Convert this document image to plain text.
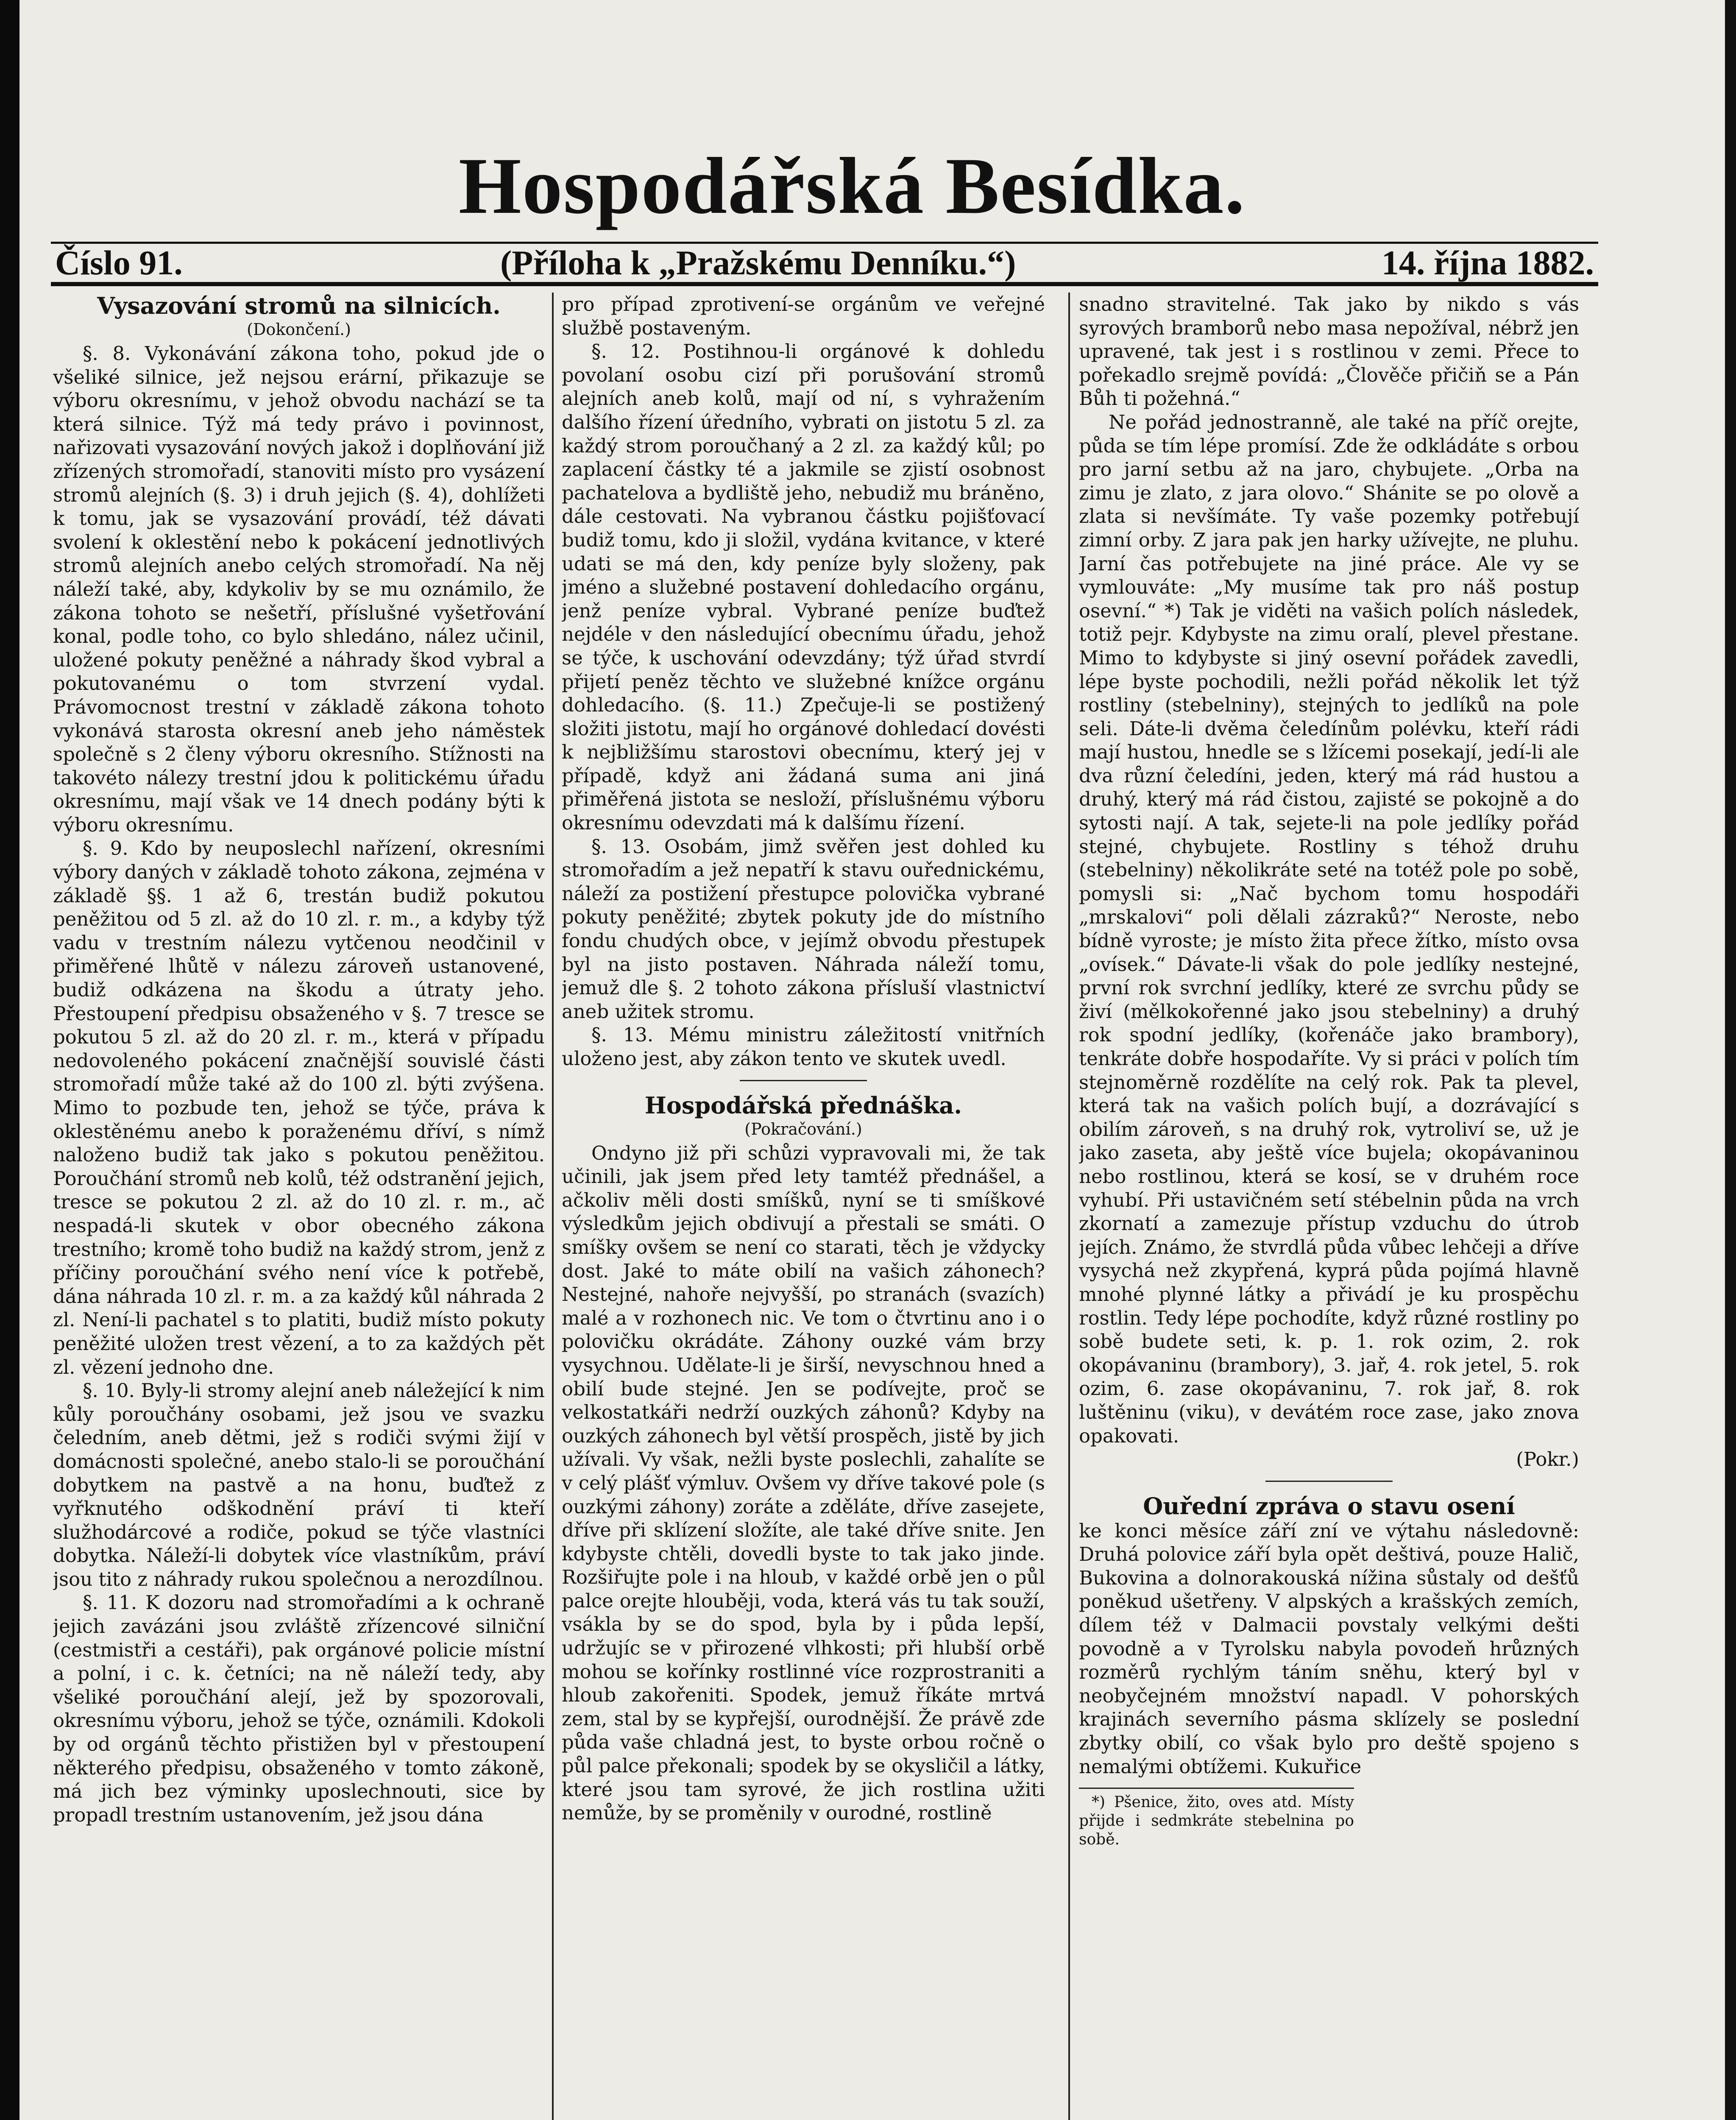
Hospodářská Besídka.
Číslo 91.	(Příloha k „Pražskému Denníku.“)	14. října 1882.
Vysazování stromů na silnicích.
(Dokončení.)

§. 8. Vykonávání zákona toho, pokud jde o všeliké silnice, jež nejsou erární, přikazuje se výboru okresnímu, v jehož obvodu nachází se ta která silnice. Týž má tedy právo i povinnost, nařizovati vysazování nových jakož i doplňování již zřízených stromořadí, stanoviti místo pro vysázení stromů alejních (§. 3) i druh jejich (§. 4), dohlížeti k tomu, jak se vysazování provádí, též dávati svolení k oklestění nebo k pokácení jednotlivých stromů alejních anebo celých stromořadí. Na něj náleží také, aby, kdykoliv by se mu oznámilo, že zákona tohoto se nešetří, příslušné vyšetřování konal, podle toho, co bylo shledáno, nález učinil, uložené pokuty peněžné a náhrady škod vybral a pokutovanému o tom stvrzení vydal. Právomocnost trestní v základě zákona tohoto vykonává starosta okresní aneb jeho náměstek společně s 2 členy výboru okresního. Stížnosti na takovéto nálezy trestní jdou k politickému úřadu okresnímu, mají však ve 14 dnech podány býti k výboru okresnímu.

§. 9. Kdo by neuposlechl nařízení, okresními výbory daných v základě tohoto zákona, zejména v základě §§. 1 až 6, trestán budiž pokutou peněžitou od 5 zl. až do 10 zl. r. m., a kdyby týž vadu v trestním nálezu vytčenou neodčinil v přiměřené lhůtě v nálezu zároveň ustanovené, budiž odkázena na škodu a útraty jeho. Přestoupení předpisu obsaženého v §. 7 tresce se pokutou 5 zl. až do 20 zl. r. m., která v případu nedovoleného pokácení značnější souvislé části stromořadí může také až do 100 zl. býti zvýšena. Mimo to pozbude ten, jehož se týče, práva k oklestěnému anebo k poraženému dříví, s nímž naloženo budiž tak jako s pokutou peněžitou. Poroučhání stromů neb kolů, též odstranění jejich, tresce se pokutou 2 zl. až do 10 zl. r. m., ač nespadá-li skutek v obor obecného zákona trestního; kromě toho budiž na každý strom, jenž z příčiny poroučhání svého není více k potřebě, dána náhrada 10 zl. r. m. a za každý kůl náhrada 2 zl. Není-li pachatel s to platiti, budiž místo pokuty peněžité uložen trest vězení, a to za každých pět zl. vězení jednoho dne.

§. 10. Byly-li stromy alejní aneb náležející k nim kůly poroučhány osobami, jež jsou ve svazku čeledním, aneb dětmi, jež s rodiči svými žijí v domácnosti společné, anebo stalo-li se poroučhání dobytkem na pastvě a na honu, buďtež z vyřknutého odškodnění práví ti kteří služhodárcové a rodiče, pokud se týče vlastníci dobytka. Náleží-li dobytek více vlastníkům, práví jsou tito z náhrady rukou společnou a nerozdílnou.

§. 11. K dozoru nad stromořadími a k ochraně jejich zavázáni jsou zvláště zřízencové silniční (cestmistři a cestáři), pak orgánové policie místní a polní, i c. k. četníci; na ně náleží tedy, aby všeliké poroučhání alejí, jež by spozorovali, okresnímu výboru, jehož se týče, oznámili. Kdokoli by od orgánů těchto přistižen byl v přestoupení některého předpisu, obsaženého v tomto zákoně, má jich bez výminky uposlechnouti, sice by propadl trestním ustanovením, jež jsou dána

pro případ zprotivení-se orgánům ve veřejné službě postaveným.

§. 12. Postihnou-li orgánové k dohledu povolaní osobu cizí při porušování stromů alejních aneb kolů, mají od ní, s vyhražením dalšího řízení úředního, vybrati on jistotu 5 zl. za každý strom poroučhaný a 2 zl. za každý kůl; po zaplacení částky té a jakmile se zjistí osobnost pachatelova a bydliště jeho, nebudiž mu bráněno, dále cestovati. Na vybranou částku pojišťovací budiž tomu, kdo ji složil, vydána kvitance, v které udati se má den, kdy peníze byly složeny, pak jméno a služebné postavení dohledacího orgánu, jenž peníze vybral. Vybrané peníze buďtež nejdéle v den následující obecnímu úřadu, jehož se týče, k uschování odevzdány; týž úřad stvrdí přijetí peněz těchto ve služebné knížce orgánu dohledacího. (§. 11.) Zpečuje-li se postižený složiti jistotu, mají ho orgánové dohledací dovésti k nejbližšímu starostovi obecnímu, který jej v případě, když ani žádaná suma ani jiná přiměřená jistota se nesloží, příslušnému výboru okresnímu odevzdati má k dalšímu řízení.

§. 13. Osobám, jimž svěřen jest dohled ku stromořadím a jež nepatří k stavu ouřednickému, náleží za postižení přestupce polovička vybrané pokuty peněžité; zbytek pokuty jde do místního fondu chudých obce, v jejímž obvodu přestupek byl na jisto postaven. Náhrada náleží tomu, jemuž dle §. 2 tohoto zákona přísluší vlastnictví aneb užitek stromu.

§. 13. Mému ministru záležitostí vnitřních uloženo jest, aby zákon tento ve skutek uvedl.

Hospodářská přednáška.
(Pokračování.)

Ondyno již při schůzi vypravovali mi, že tak učinili, jak jsem před lety tamtéž přednášel, a ačkoliv měli dosti smíšků, nyní se ti smíškové výsledkům jejich obdivují a přestali se smáti. O smíšky ovšem se není co starati, těch je vždycky dost. Jaké to máte obilí na vašich záhonech? Nestejné, nahoře nejvyšší, po stranách (svazích) malé a v rozhonech nic. Ve tom o čtvrtinu ano i o polovičku okrádáte. Záhony ouzké vám brzy vysychnou. Udělate-li je širší, nevyschnou hned a obilí bude stejné. Jen se podívejte, proč se velkostatkáři nedrží ouzkých záhonů? Kdyby na ouzkých záhonech byl větší prospěch, jistě by jich užívali. Vy však, nežli byste poslechli, zahalíte se v celý plášť výmluv. Ovšem vy dříve takové pole (s ouzkými záhony) zoráte a zděláte, dříve zasejete, dříve při sklízení složíte, ale také dříve snite. Jen kdybyste chtěli, dovedli byste to tak jako jinde. Rozšiřujte pole i na hloub, v každé orbě jen o půl palce orejte hlouběji, voda, která vás tu tak souží, vsákla by se do spod, byla by i půda lepší, udržujíc se v přirozené vlhkosti; při hlubší orbě mohou se kořínky rostlinné více rozprostraniti a hloub zakořeniti. Spodek, jemuž říkáte mrtvá zem, stal by se kypřejší, ourodnější. Že právě zde půda vaše chladná jest, to byste orbou ročně o půl palce překonali; spodek by se okysličil a látky, které jsou tam syrové, že jich rostlina užiti nemůže, by se proměnily v ourodné, rostlině

snadno stravitelné. Tak jako by nikdo s vás syrových bramborů nebo masa nepožíval, nébrž jen upravené, tak jest i s rostlinou v zemi. Přece to pořekadlo srejmě povídá: „Člověče přičiň se a Pán Bůh ti požehná.“

Ne pořád jednostranně, ale také na příč orejte, půda se tím lépe promísí. Zde že odkládáte s orbou pro jarní setbu až na jaro, chybujete. „Orba na zimu je zlato, z jara olovo.“ Shánite se po olově a zlata si nevšímáte. Ty vaše pozemky potřebují zimní orby. Z jara pak jen harky užívejte, ne pluhu. Jarní čas potřebujete na jiné práce. Ale vy se vymlouváte: „My musíme tak pro náš postup osevní.“ *) Tak je viděti na vašich polích následek, totiž pejr. Kdybyste na zimu oralí, plevel přestane. Mimo to kdybyste si jiný osevní pořádek zavedli, lépe byste pochodili, nežli pořád několik let týž rostliny (stebelniny), stejných to jedlíků na pole seli. Dáte-li dvěma čeledínům polévku, kteří rádi mají hustou, hnedle se s lžícemi posekají, jedí-li ale dva různí čeledíni, jeden, který má rád hustou a druhý, který má rád čistou, zajisté se pokojně a do sytosti nají. A tak, sejete-li na pole jedlíky pořád stejné, chybujete. Rostliny s téhož druhu (stebelniny) několikráte seté na totéž pole po sobě, pomysli si: „Nač bychom tomu hospodáři „mrskalovi“ poli dělali zázraků?“ Neroste, nebo bídně vyroste; je místo žita přece žítko, místo ovsa „ovísek.“ Dávate-li však do pole jedlíky nestejné, první rok svrchní jedlíky, které ze svrchu půdy se živí (mělkokořenné jako jsou stebelniny) a druhý rok spodní jedlíky, (kořenáče jako brambory), tenkráte dobře hospodaříte. Vy si práci v polích tím stejnoměrně rozdělíte na celý rok. Pak ta plevel, která tak na vašich polích bují, a dozrávající s obilím zároveň, s na druhý rok, vytroliví se, už je jako zaseta, aby ještě více bujela; okopávaninou nebo rostlinou, která se kosí, se v druhém roce vyhubí. Při ustavičném setí stébelnin půda na vrch zkornatí a zamezuje přístup vzduchu do útrob jejích. Známo, že stvrdlá půda vůbec lehčeji a dříve vysychá než zkypřená, kyprá půda pojímá hlavně mnohé plynné látky a přivádí je ku prospěchu rostlin. Tedy lépe pochodíte, když různé rostliny po sobě budete seti, k. p. 1. rok ozim, 2. rok okopávaninu (brambory), 3. jař, 4. rok jetel, 5. rok ozim, 6. zase okopávaninu, 7. rok jař, 8. rok luštěninu (viku), v devátém roce zase, jako znova opakovati.

(Pokr.)
Ouřední zpráva o stavu osení

ke konci měsíce září zní ve výtahu následovně: Druhá polovice září byla opět deštivá, pouze Halič, Bukovina a dolnorakouská nížina sůstaly od dešťů poněkud ušetřeny. V alpských a krašských zemích, dílem též v Dalmacii povstaly velkými dešti povodně a v Tyrolsku nabyla povodeň hrůzných rozměrů rychlým táním sněhu, který byl v neobyčejném množství napadl. V pohorských krajinách severního pásma sklízely se poslední zbytky obilí, co však bylo pro deště spojeno s nemalými obtížemi. Kukuřice

*) Pšenice, žito, oves atd. Místy přijde i sedmkráte stebelnina po sobě.
